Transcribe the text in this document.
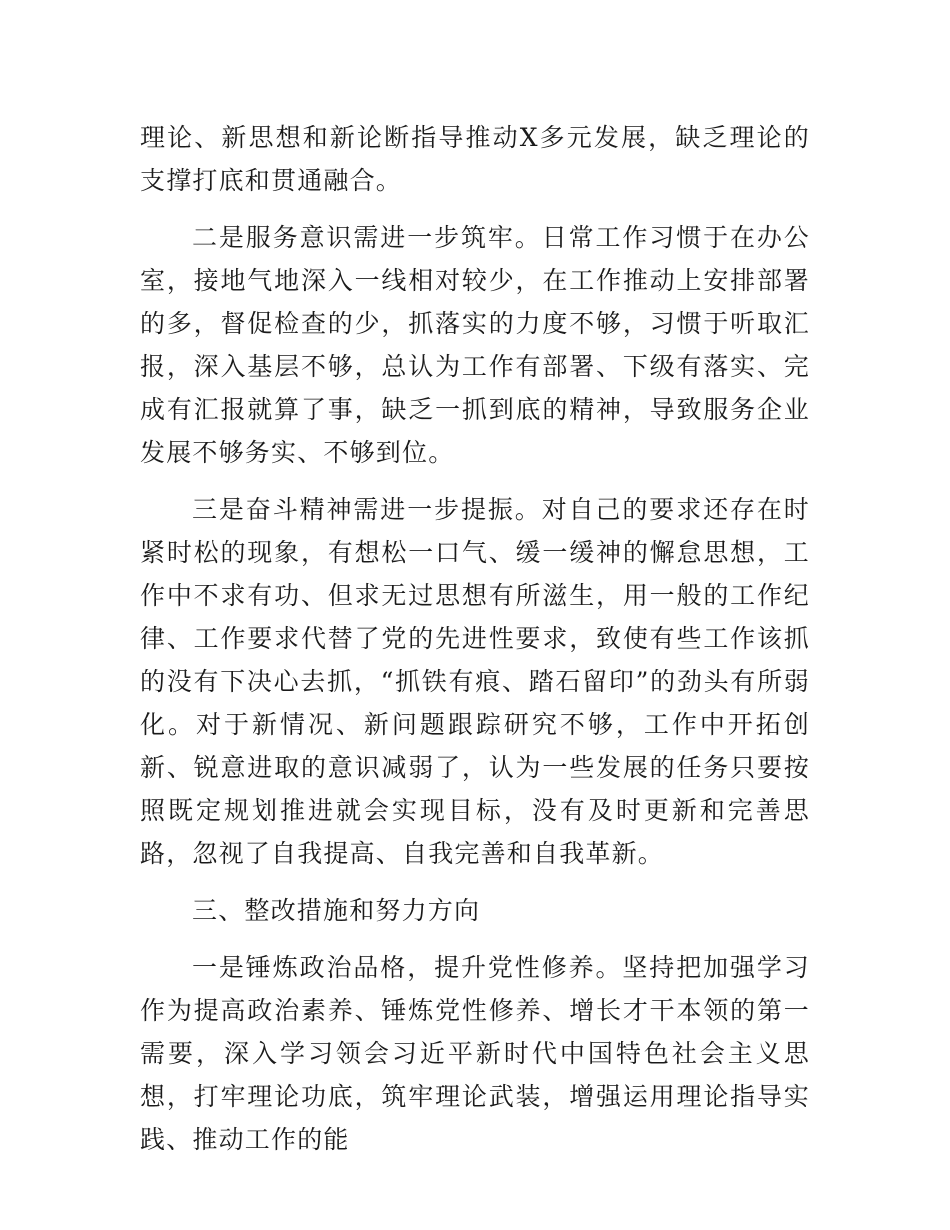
理论、新思想和新论断指导推动X多元发展，缺乏理论的支撑打底和贯通融合。

二是服务意识需进一步筑牢。日常工作习惯于在办公室，接地气地深入一线相对较少，在工作推动上安排部署的多，督促检查的少，抓落实的力度不够，习惯于听取汇报，深入基层不够，总认为工作有部署、下级有落实、完成有汇报就算了事，缺乏一抓到底的精神，导致服务企业发展不够务实、不够到位。

三是奋斗精神需进一步提振。对自己的要求还存在时紧时松的现象，有想松一口气、缓一缓神的懈怠思想，工作中不求有功、但求无过思想有所滋生，用一般的工作纪律、工作要求代替了党的先进性要求，致使有些工作该抓的没有下决心去抓，“抓铁有痕、踏石留印”的劲头有所弱化。对于新情况、新问题跟踪研究不够，工作中开拓创新、锐意进取的意识减弱了，认为一些发展的任务只要按照既定规划推进就会实现目标，没有及时更新和完善思路，忽视了自我提高、自我完善和自我革新。

三、整改措施和努力方向

一是锤炼政治品格，提升党性修养。坚持把加强学习作为提高政治素养、锤炼党性修养、增长才干本领的第一需要，深入学习领会习近平新时代中国特色社会主义思想，打牢理论功底，筑牢理论武装，增强运用理论指导实践、推动工作的能
